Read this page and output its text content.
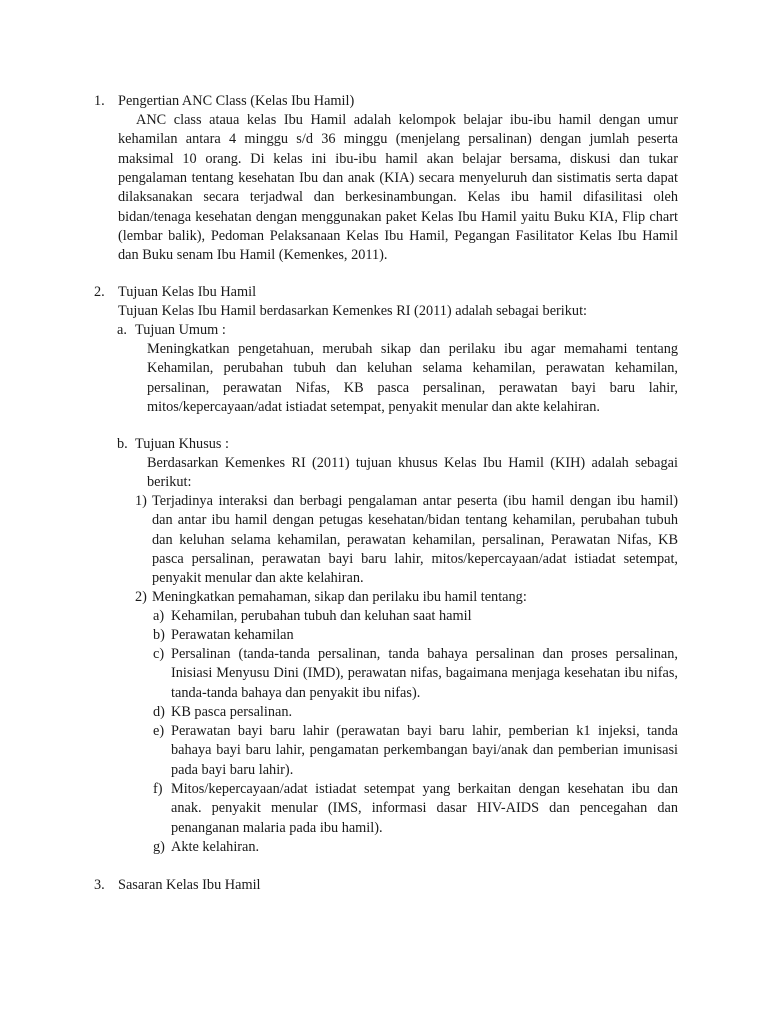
1. Pengertian ANC Class (Kelas Ibu Hamil)

ANC class ataua kelas Ibu Hamil adalah kelompok belajar ibu-ibu hamil dengan umur kehamilan antara 4 minggu s/d 36 minggu (menjelang persalinan) dengan jumlah peserta maksimal 10 orang. Di kelas ini ibu-ibu hamil akan belajar bersama, diskusi dan tukar pengalaman tentang kesehatan Ibu dan anak (KIA) secara menyeluruh dan sistimatis serta dapat dilaksanakan secara terjadwal dan berkesinambungan. Kelas ibu hamil difasilitasi oleh bidan/tenaga kesehatan dengan menggunakan paket Kelas Ibu Hamil yaitu Buku KIA, Flip chart (lembar balik), Pedoman Pelaksanaan Kelas Ibu Hamil, Pegangan Fasilitator Kelas Ibu Hamil dan Buku senam Ibu Hamil (Kemenkes, 2011).

2. Tujuan Kelas Ibu Hamil

Tujuan Kelas Ibu Hamil berdasarkan Kemenkes RI (2011) adalah sebagai berikut:

a. Tujuan Umum :

Meningkatkan pengetahuan, merubah sikap dan perilaku ibu agar memahami tentang Kehamilan, perubahan tubuh dan keluhan selama kehamilan, perawatan kehamilan, persalinan, perawatan Nifas, KB pasca persalinan, perawatan bayi baru lahir, mitos/kepercayaan/adat istiadat setempat, penyakit menular dan akte kelahiran.

b. Tujuan Khusus :

Berdasarkan Kemenkes RI (2011) tujuan khusus Kelas Ibu Hamil (KIH) adalah sebagai berikut:

1) Terjadinya interaksi dan berbagi pengalaman antar peserta (ibu hamil dengan ibu hamil) dan antar ibu hamil dengan petugas kesehatan/bidan tentang kehamilan, perubahan tubuh dan keluhan selama kehamilan, perawatan kehamilan, persalinan, Perawatan Nifas, KB pasca persalinan, perawatan bayi baru lahir, mitos/kepercayaan/adat istiadat setempat, penyakit menular dan akte kelahiran.

2) Meningkatkan pemahaman, sikap dan perilaku ibu hamil tentang:

a) Kehamilan, perubahan tubuh dan keluhan saat hamil

b) Perawatan kehamilan

c) Persalinan (tanda-tanda persalinan, tanda bahaya persalinan dan proses persalinan, Inisiasi Menyusu Dini (IMD), perawatan nifas, bagaimana menjaga kesehatan ibu nifas, tanda-tanda bahaya dan penyakit ibu nifas).

d) KB pasca persalinan.

e) Perawatan bayi baru lahir (perawatan bayi baru lahir, pemberian k1 injeksi, tanda bahaya bayi baru lahir, pengamatan perkembangan bayi/anak dan pemberian imunisasi pada bayi baru lahir).

f) Mitos/kepercayaan/adat istiadat setempat yang berkaitan dengan kesehatan ibu dan anak. penyakit menular (IMS, informasi dasar HIV-AIDS dan pencegahan dan penanganan malaria pada ibu hamil).

g) Akte kelahiran.

3. Sasaran Kelas Ibu Hamil
